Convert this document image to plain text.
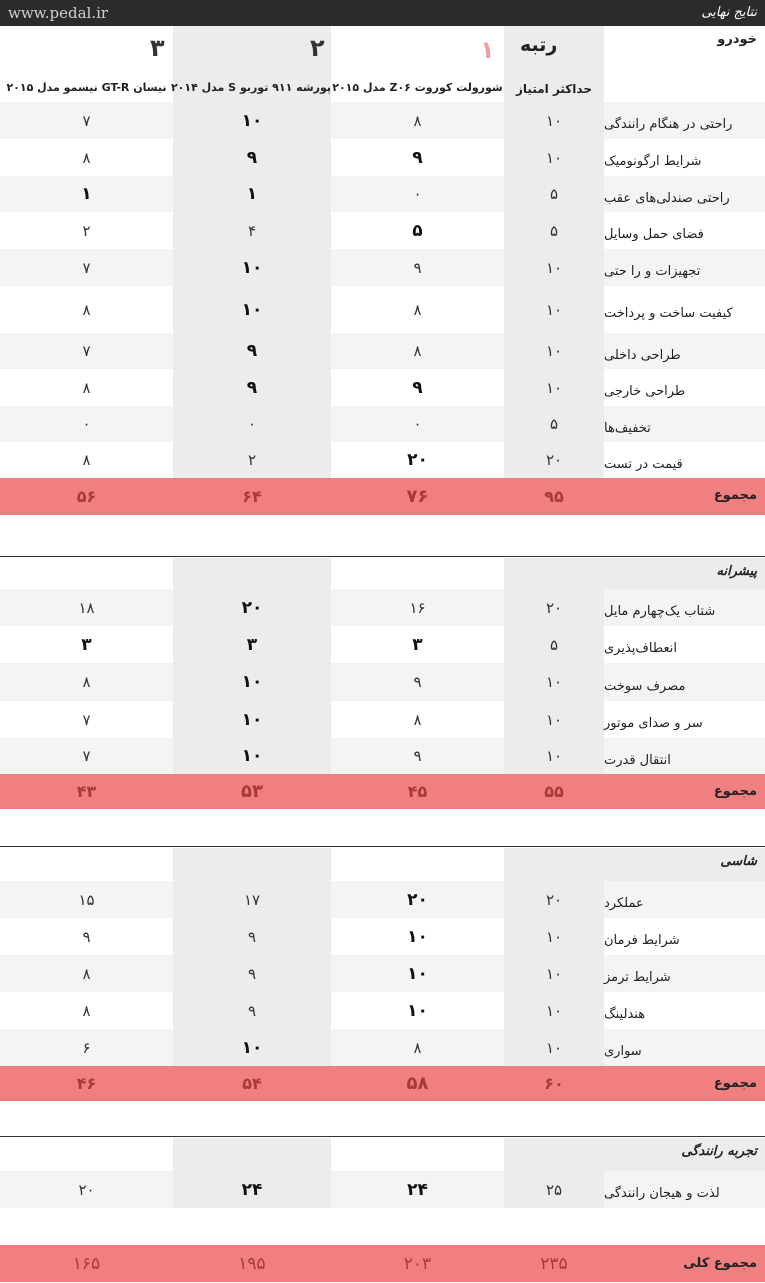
www.pedal.ir	نتایج نهایی
خودرو
رتبه
حداکثر امتیاز
۱
شورولت کوروت Z۰۶ مدل ۲۰۱۵
۲
پورشه ۹۱۱ توربو S مدل ۲۰۱۴
۳
نیسان GT-R نیسمو مدل ۲۰۱۵
راحتی در هنگام رانندگی
۱۰
۸
۱۰
۷
شرایط ارگونومیک
۱۰
۹
۹
۸
راحتی صندلی‌های عقب
۵
۰
۱
۱
فضای حمل وسایل
۵
۵
۴
۲
تجهیزات و را حتی
۱۰
۹
۱۰
۷
کیفیت ساخت و پرداخت
۱۰
۸
۱۰
۸
طراحی داخلی
۱۰
۸
۹
۷
طراحی خارجی
۱۰
۹
۹
۸
تخفیف‌ها
۵
۰
۰
۰
قیمت در تست
۲۰
۲۰
۲
۸
مجموع
۹۵
۷۶
۶۴
۵۶
پیشرانه
شتاب یک‌چهارم مایل
۲۰
۱۶
۲۰
۱۸
انعطاف‌پذیری
۵
۳
۳
۳
مصرف سوخت
۱۰
۹
۱۰
۸
سر و صدای موتور
۱۰
۸
۱۰
۷
انتقال قدرت
۱۰
۹
۱۰
۷
مجموع
۵۵
۴۵
۵۳
۴۳
شاسی
عملکرد
۲۰
۲۰
۱۷
۱۵
شرایط فرمان
۱۰
۱۰
۹
۹
شرایط ترمز
۱۰
۱۰
۹
۸
هندلینگ
۱۰
۱۰
۹
۸
سواری
۱۰
۸
۱۰
۶
مجموع
۶۰
۵۸
۵۴
۴۶
تجربه رانندگی
لذت و هیجان رانندگی
۲۵
۲۴
۲۴
۲۰
مجموع کلی
۲۳۵
۲۰۳
۱۹۵
۱۶۵
